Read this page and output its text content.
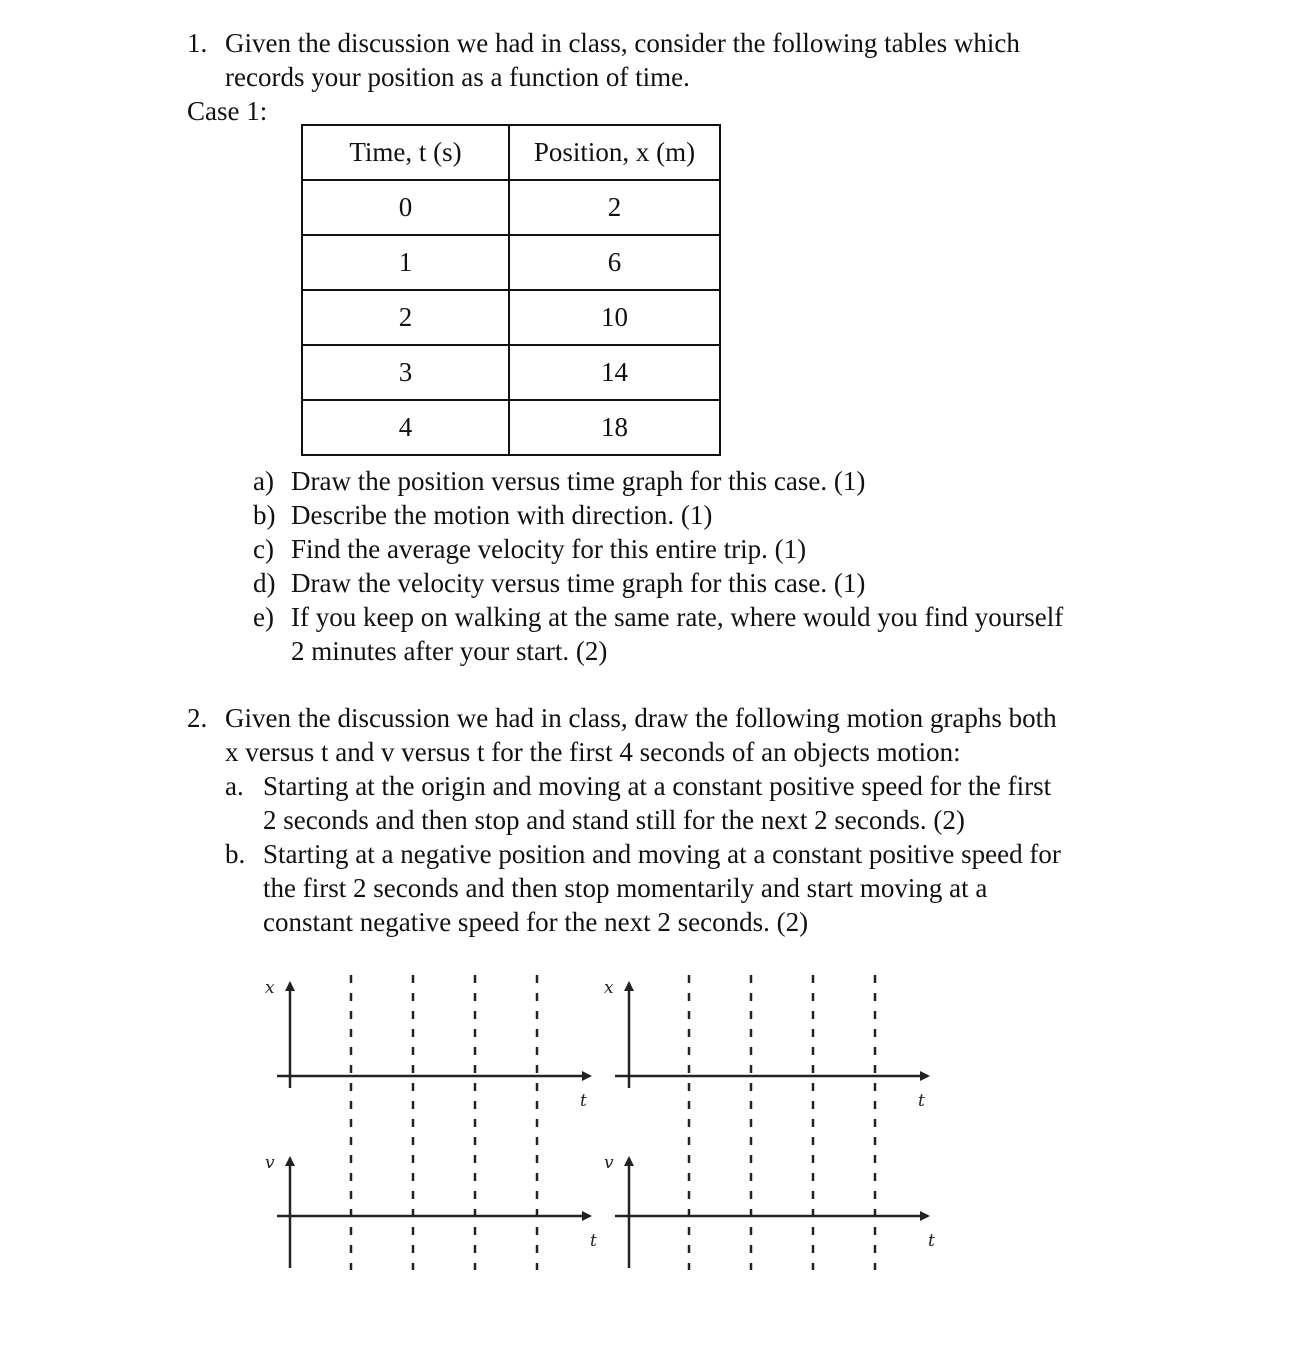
1. Given the discussion we had in class, consider the following tables which
records your position as a function of time.
Case 1:
Time, t (s)	Position, x (m)
0	2
1	6
2	10
3	14
4	18
a) Draw the position versus time graph for this case. (1)
b) Describe the motion with direction. (1)
c) Find the average velocity for this entire trip. (1)
d) Draw the velocity versus time graph for this case. (1)
e) If you keep on walking at the same rate, where would you find yourself
2 minutes after your start. (2)
2. Given the discussion we had in class, draw the following motion graphs both
x versus t and v versus t for the first 4 seconds of an objects motion:
a. Starting at the origin and moving at a constant positive speed for the first
2 seconds and then stop and stand still for the next 2 seconds. (2)
b. Starting at a negative position and moving at a constant positive speed for
the first 2 seconds and then stop momentarily and start moving at a
constant negative speed for the next 2 seconds. (2)
x
t
v
t
x
t
v
t
